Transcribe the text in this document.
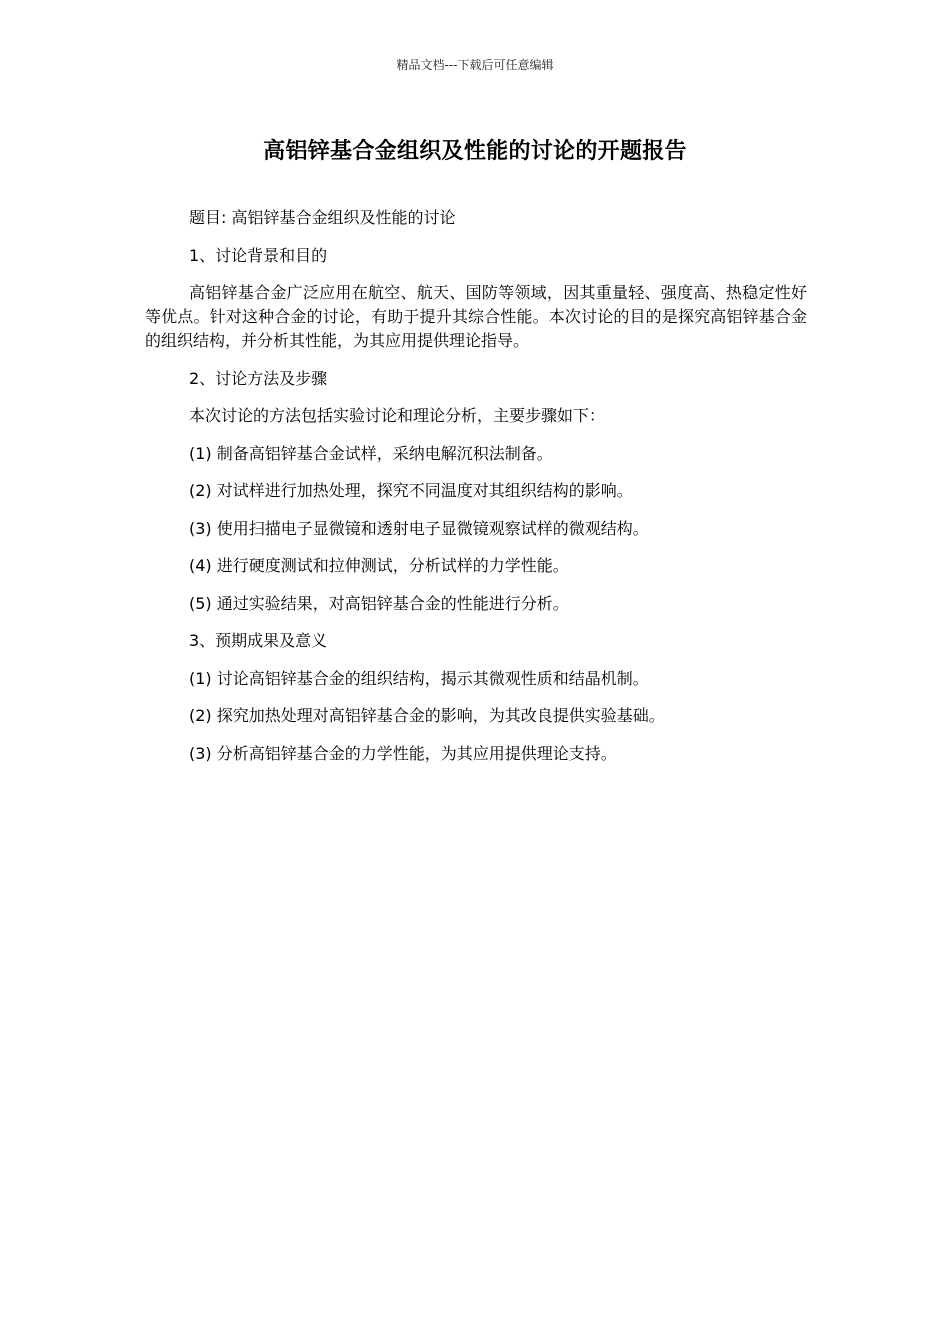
精品文档---下载后可任意编辑
高铝锌基合金组织及性能的讨论的开题报告

题目: 高铝锌基合金组织及性能的讨论

1、讨论背景和目的

高铝锌基合金广泛应用在航空、航天、国防等领域，因其重量轻、强度高、热稳定性好等优点。针对这种合金的讨论，有助于提升其综合性能。本次讨论的目的是探究高铝锌基合金的组织结构，并分析其性能，为其应用提供理论指导。

2、讨论方法及步骤

本次讨论的方法包括实验讨论和理论分析，主要步骤如下：

(1) 制备高铝锌基合金试样，采纳电解沉积法制备。

(2) 对试样进行加热处理，探究不同温度对其组织结构的影响。

(3) 使用扫描电子显微镜和透射电子显微镜观察试样的微观结构。

(4) 进行硬度测试和拉伸测试，分析试样的力学性能。

(5) 通过实验结果，对高铝锌基合金的性能进行分析。

3、预期成果及意义

(1) 讨论高铝锌基合金的组织结构，揭示其微观性质和结晶机制。

(2) 探究加热处理对高铝锌基合金的影响，为其改良提供实验基础。

(3) 分析高铝锌基合金的力学性能，为其应用提供理论支持。
